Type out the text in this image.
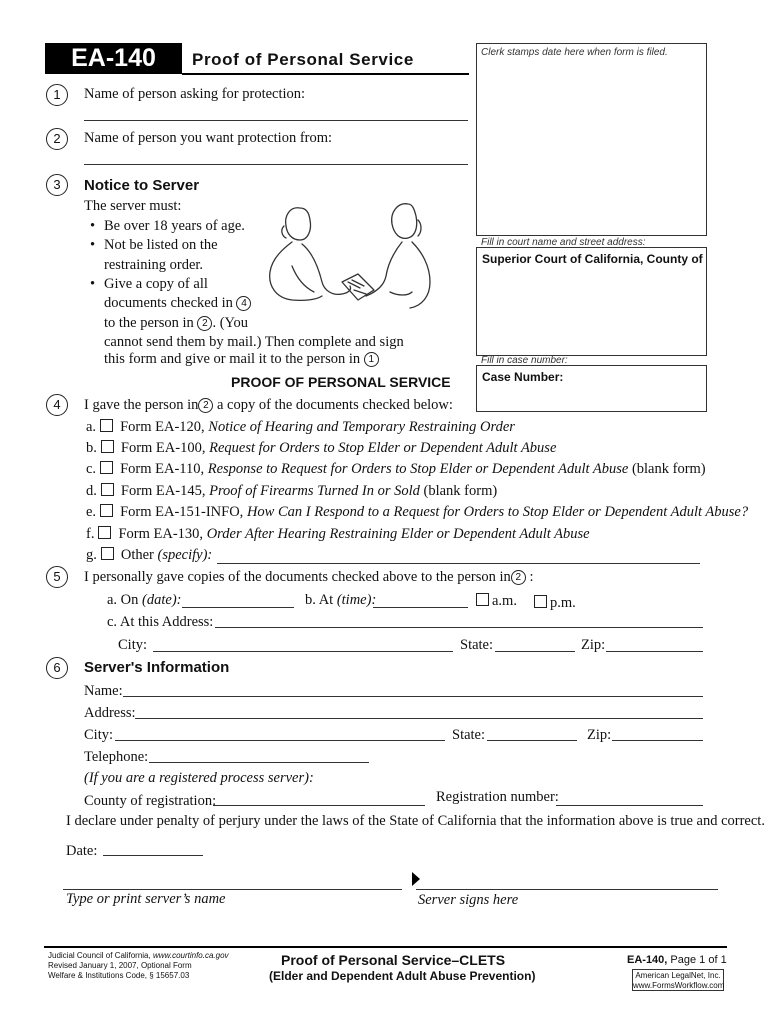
EA-140	Proof of Personal Service	Clerk stamps date here when form is filed.
Fill in court name and street address:
Superior Court of California, County of
Fill in case number:
Case Number:
1	Name of person asking for protection:
2	Name of person you want protection from:
3	Notice to Server
The server must:
• Be over 18 years of age.
• Not be listed on the
restraining order.
• Give a copy of all
documents checked in 4
to the person in 2 . (You
cannot send them by mail.) Then complete and sign
this form and give or mail it to the person in 1
PROOF OF PERSONAL SERVICE
4	I gave the person in 2 a copy of the documents checked below:
a. Form EA-120, Notice of Hearing and Temporary Restraining Order
b. Form EA-100, Request for Orders to Stop Elder or Dependent Adult Abuse
c. Form EA-110, Response to Request for Orders to Stop Elder or Dependent Adult Abuse (blank form)
d. Form EA-145, Proof of Firearms Turned In or Sold (blank form)
e. Form EA-151-INFO, How Can I Respond to a Request for Orders to Stop Elder or Dependent Adult Abuse?
f. Form EA-130, Order After Hearing Restraining Elder or Dependent Adult Abuse
g. Other (specify):
5	I personally gave copies of the documents checked above to the person in 2 :
a. On (date):	b. At (time):	a.m.	p.m.
c. At this Address:
City:	State:	Zip:
6	Server's Information
Name:
Address:
City:	State:	Zip:
Telephone:
(If you are a registered process server):
County of registration:	Registration number:
I declare under penalty of perjury under the laws of the State of California that the information above is true and correct.
Date:
Type or print server’s name	Server signs here
Judicial Council of California, www.courtinfo.ca.gov
Revised January 1, 2007, Optional Form
Welfare & Institutions Code, § 15657.03
Proof of Personal Service–CLETS
(Elder and Dependent Adult Abuse Prevention)
EA-140, Page 1 of 1
American LegalNet, Inc.
www.FormsWorkflow.com
